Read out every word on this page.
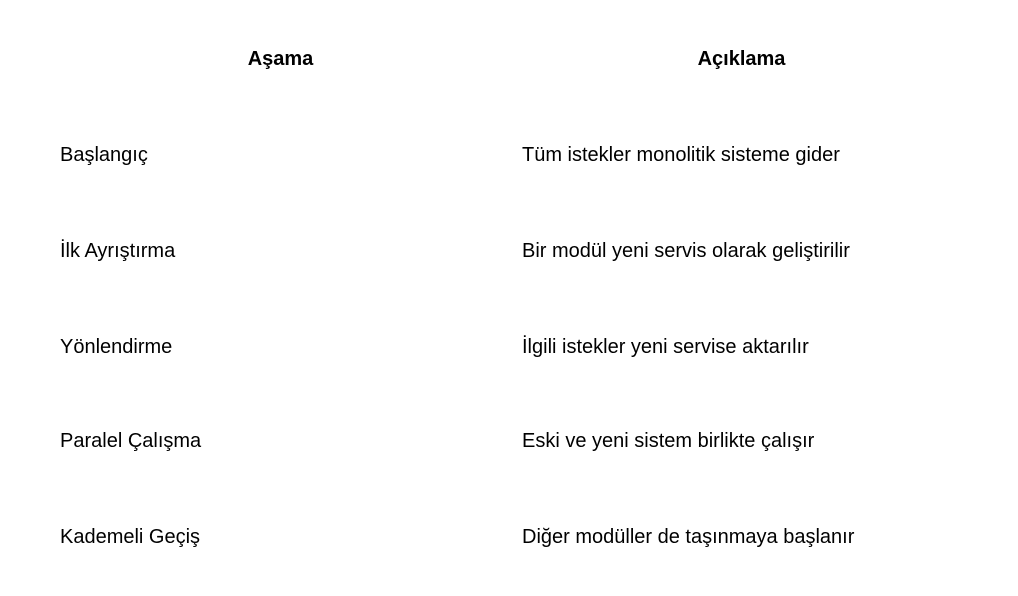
Aşama	Açıklama
Başlangıç	Tüm istekler monolitik sisteme gider
İlk Ayrıştırma	Bir modül yeni servis olarak geliştirilir
Yönlendirme	İlgili istekler yeni servise aktarılır
Paralel Çalışma	Eski ve yeni sistem birlikte çalışır
Kademeli Geçiş	Diğer modüller de taşınmaya başlanır
